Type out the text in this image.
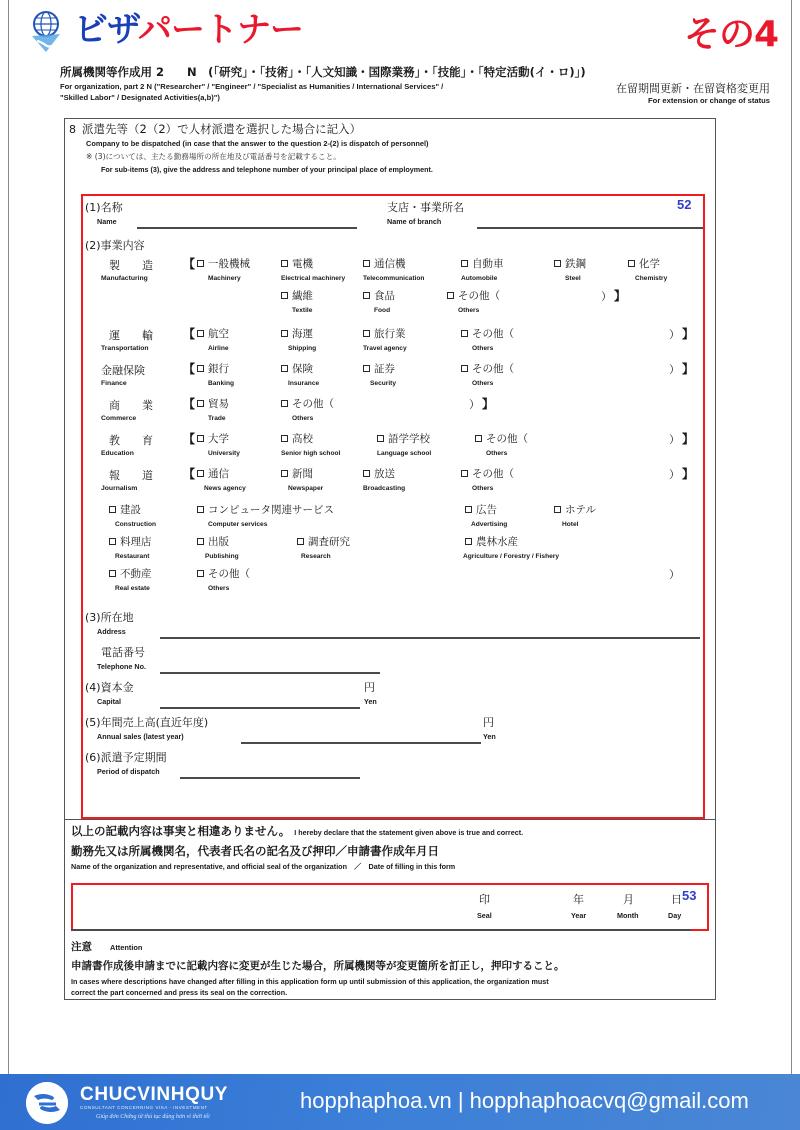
ビザパートナー	その4
所属機関等作成用 2　　N　(「研究」・「技術」・「人文知識・国際業務」・「技能」・「特定活動(イ・ロ)」)
For organization, part 2 N ("Researcher" / "Engineer" / "Specialist as Humanities / International Services" /
"Skilled Labor" / Designated Activities(a,b)")
在留期間更新・在留資格変更用
For extension or change of status
8 派遣先等（2（2）で人材派遣を選択した場合に記入）
Company to be dispatched (in case that the answer to the question 2-(2) is dispatch of personnel)
※ (3)については、主たる勤務場所の所在地及び電話番号を記載すること。
For sub-items (3), give the address and telephone number of your principal place of employment.
(1)名称
Name
支店・事業所名
Name of branch
52
(2)事業内容
製　　造
Manufacturing
【 一般機械
Machinery
電機
Electrical machinery
通信機
Telecommunication
自動車
Automobile
鉄鋼
Steel
化学
Chemistry
繊維
Textile
食品
Food
その他（
Others
） 】
運　　輸
Transportation
【 航空
Airline
海運
Shipping
旅行業
Travel agency
その他（
Others
） 】
金融保険
Finance
【 銀行
Banking
保険
Insurance
証券
Security
その他（
Others
） 】
商　　業
Commerce
【 貿易
Trade
その他（
Others
） 】
教　　育
Education
【 大学
University
高校
Senior high school
語学学校
Language school
その他（
Others
） 】
報　　道
Journalism
【 通信
News agency
新聞
Newspaper
放送
Broadcasting
その他（
Others
） 】
建設
Construction
コンピュータ関連サービス
Computer services
広告
Advertising
ホテル
Hotel
料理店
Restaurant
出版
Publishing
調査研究
Research
農林水産
Agriculture / Forestry / Fishery
不動産
Real estate
その他（
Others
）
(3)所在地
Address
電話番号
Telephone No.
(4)資本金
Capital
円
Yen
(5)年間売上高(直近年度)
Annual sales (latest year)
円
Yen
(6)派遣予定期間
Period of dispatch
以上の記載内容は事実と相違ありません。 I hereby declare that the statement given above is true and correct.
勤務先又は所属機関名，代表者氏名の記名及び押印／申請書作成年月日
Name of the organization and representative, and official seal of the organization　／　Date of filling in this form
印
Seal
年
Year
月
Month
日
Day
53
注意 Attention
申請書作成後申請までに記載内容に変更が生じた場合，所属機関等が変更箇所を訂正し，押印すること。
In cases where descriptions have changed after filling in this application form up until submission of this application, the organization must
correct the part concerned and press its seal on the correction.
CHUCVINHQUY
CONSULTANT CONCERNING VISA - INVESTMENT
Giúp đơn Chứng từ thủ tục đúng hơn vì thời tối
hopphaphoa.vn | hopphaphoacvq@gmail.com
